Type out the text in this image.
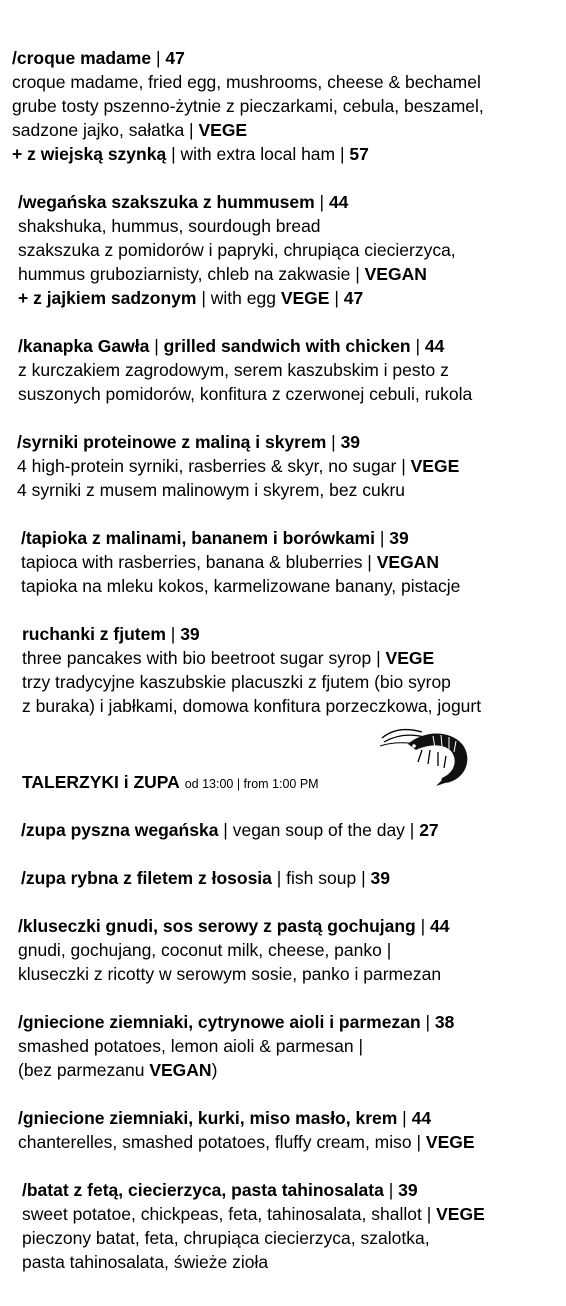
/croque madame | 47
croque madame, fried egg, mushrooms, cheese & bechamel
grube tosty pszenno-żytnie z pieczarkami, cebula, beszamel,
sadzone jajko, sałatka | VEGE
+ z wiejską szynką | with extra local ham | 57
/wegańska szakszuka z hummusem | 44
shakshuka, hummus, sourdough bread
szakszuka z pomidorów i papryki, chrupiąca ciecierzyca,
hummus gruboziarnisty, chleb na zakwasie | VEGAN
+ z jajkiem sadzonym | with egg VEGE | 47
/kanapka Gawła | grilled sandwich with chicken | 44
z kurczakiem zagrodowym, serem kaszubskim i pesto z
suszonych pomidorów, konfitura z czerwonej cebuli, rukola
/syrniki proteinowe z maliną i skyrem | 39
4 high-protein syrniki, rasberries & skyr, no sugar | VEGE
4 syrniki z musem malinowym i skyrem, bez cukru
/tapioka z malinami, bananem i borówkami | 39
tapioca with rasberries, banana & bluberries | VEGAN
tapioka na mleku kokos, karmelizowane banany, pistacje
ruchanki z fjutem | 39
three pancakes with bio beetroot sugar syrop | VEGE
trzy tradycyjne kaszubskie placuszki z fjutem (bio syrop
z buraka) i jabłkami, domowa konfitura porzeczkowa, jogurt
TALERZYKI i ZUPA od 13:00 | from 1:00 PM
/zupa pyszna wegańska | vegan soup of the day | 27
/zupa rybna z filetem z łososia | fish soup | 39
/kluseczki gnudi, sos serowy z pastą gochujang | 44
gnudi, gochujang, coconut milk, cheese, panko |
kluseczki z ricotty w serowym sosie, panko i parmezan
/gniecione ziemniaki, cytrynowe aioli i parmezan | 38
smashed potatoes, lemon aioli & parmesan |
(bez parmezanu VEGAN)
/gniecione ziemniaki, kurki, miso masło, krem | 44
chanterelles, smashed potatoes, fluffy cream, miso | VEGE
/batat z fetą, ciecierzyca, pasta tahinosalata | 39
sweet potatoe, chickpeas, feta, tahinosalata, shallot | VEGE
pieczony batat, feta, chrupiąca ciecierzyca, szalotka,
pasta tahinosalata, świeże zioła
